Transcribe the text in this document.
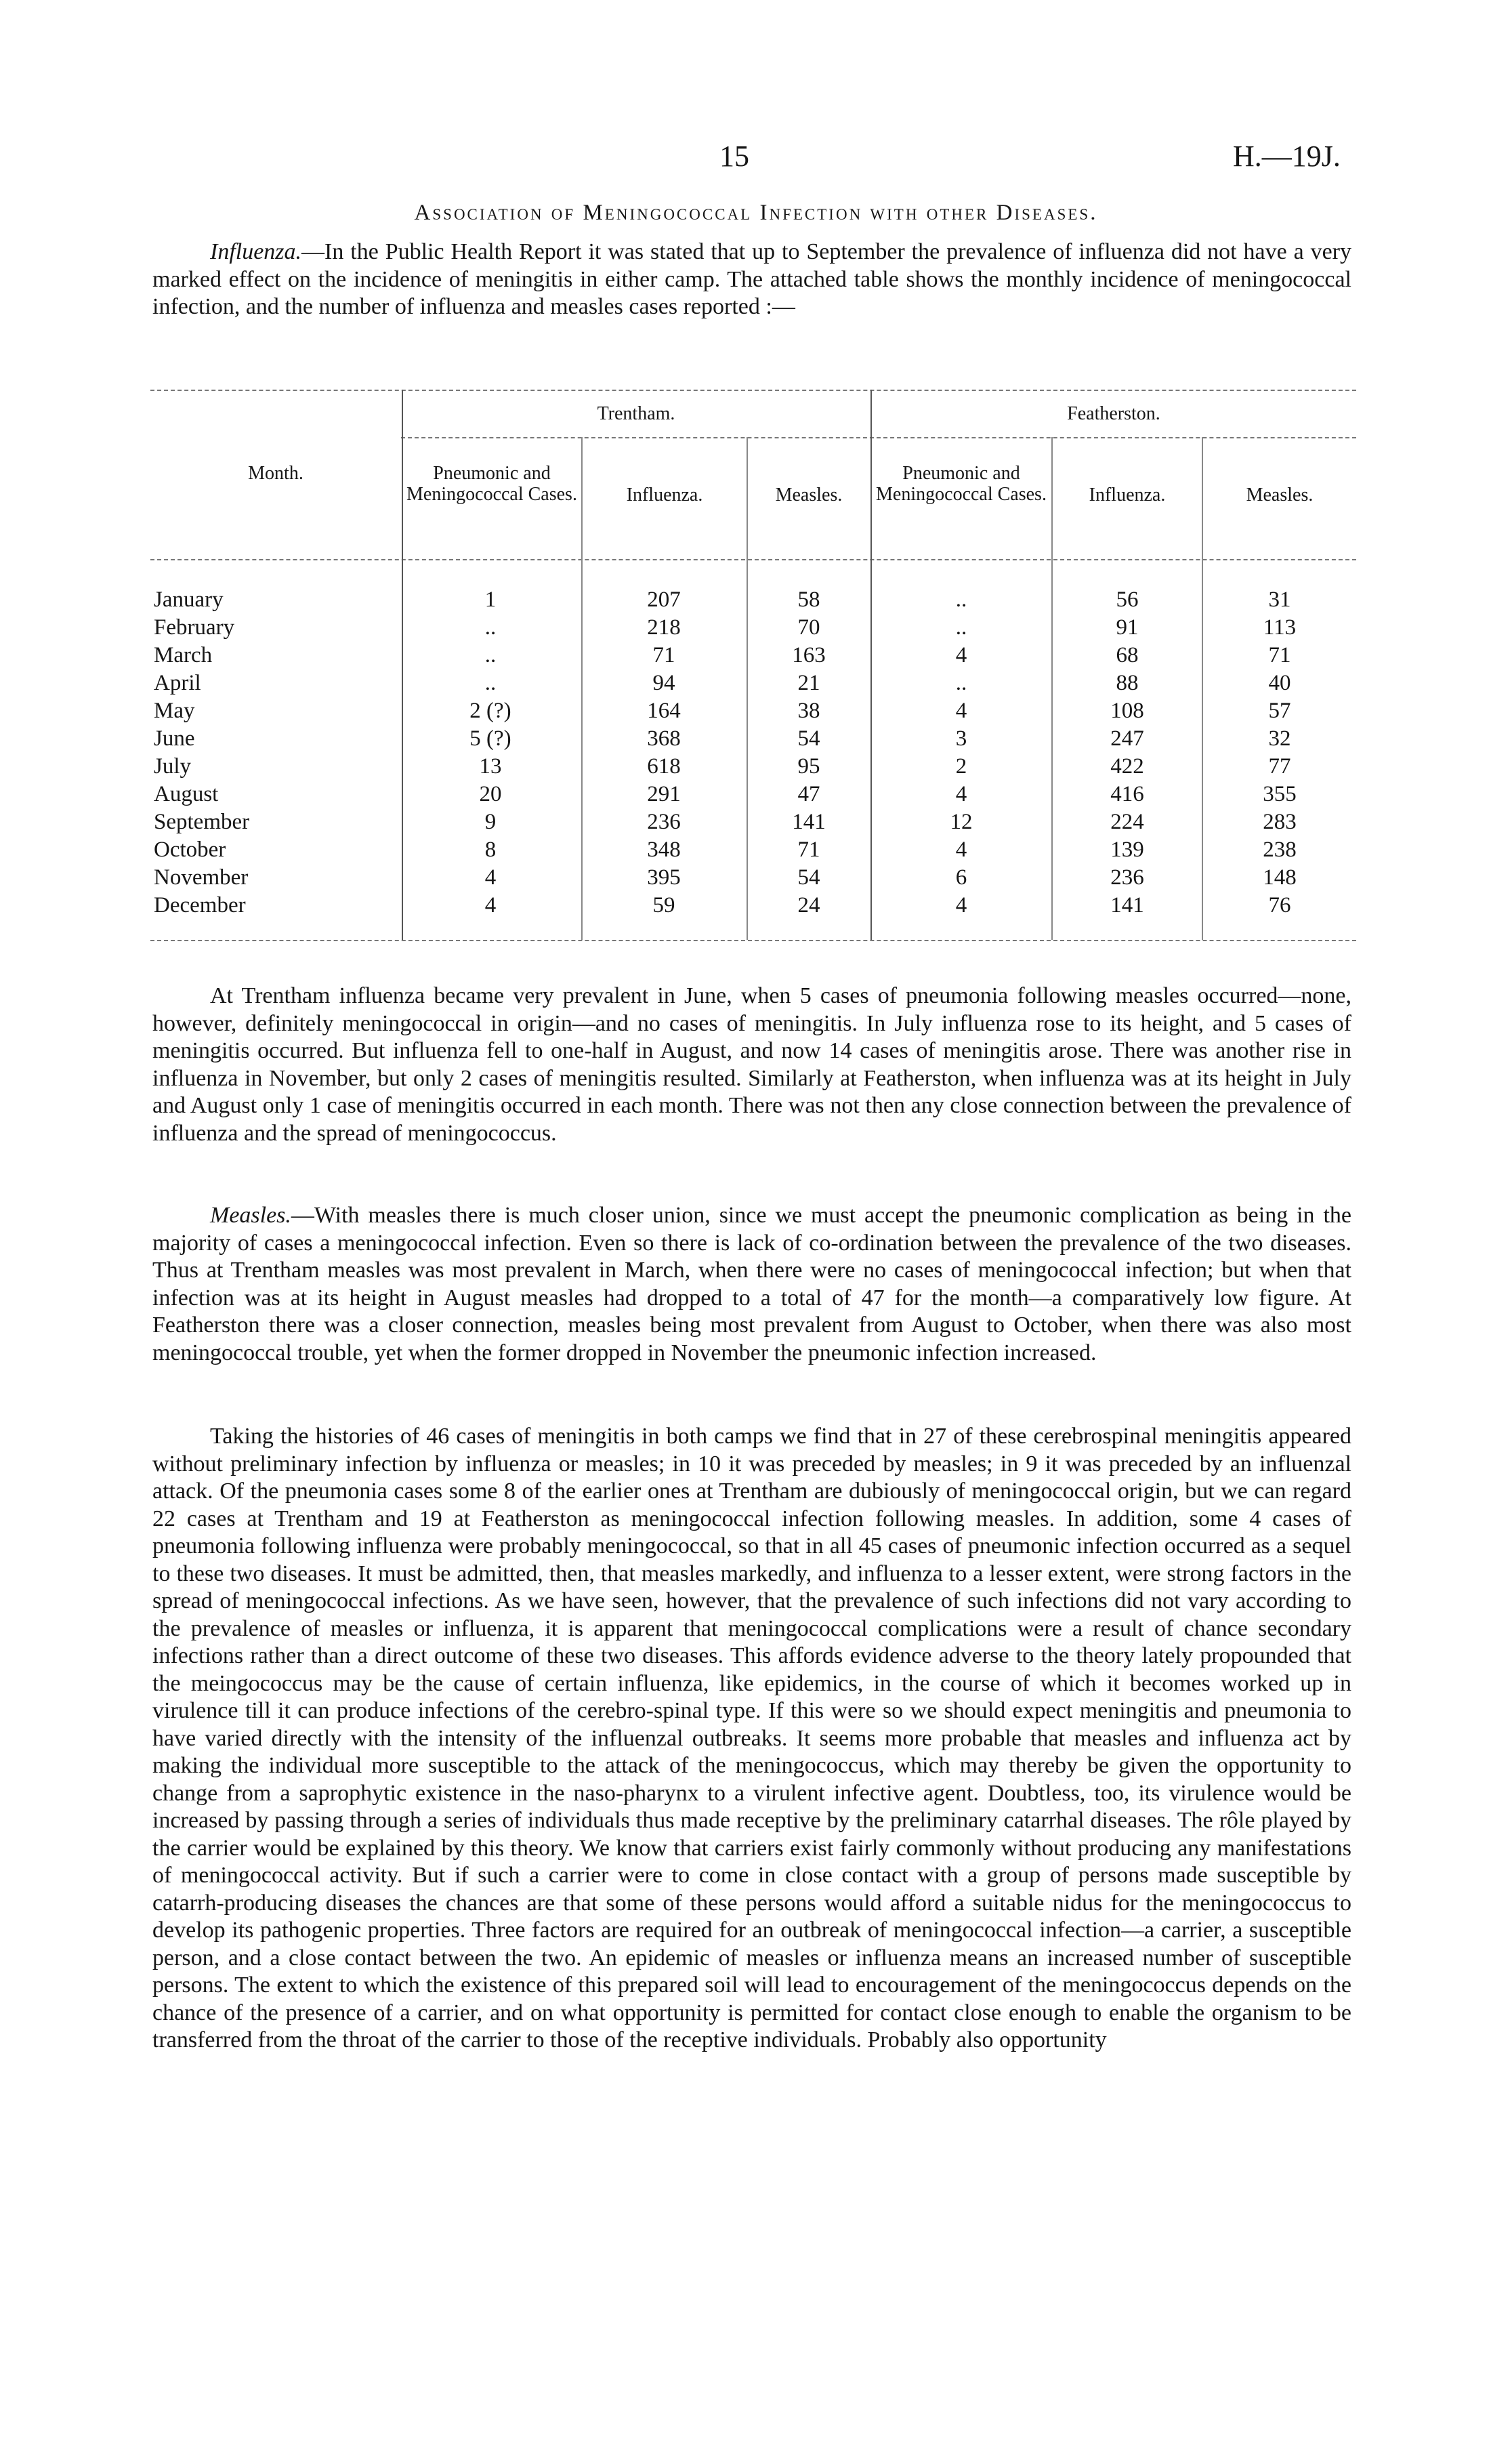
15	H.—19J.
Association of Meningococcal Infection with other Diseases.

Influenza.—In the Public Health Report it was stated that up to September the prevalence of influenza did not have a very marked effect on the incidence of meningitis in either camp. The attached table shows the monthly incidence of meningococcal infection, and the number of influenza and measles cases reported :—

Month.
Trentham.	Featherston.
Pneumonic and Meningococcal Cases.	Influenza.	Measles.
Pneumonic and Meningococcal Cases.	Influenza.	Measles.
January	1	207	58	..	56	31
February	..	218	70	..	91	113
March	..	71	163	4	68	71
April	..	94	21	..	88	40
May	2 (?)	164	38	4	108	57
June	5 (?)	368	54	3	247	32
July	13	618	95	2	422	77
August	20	291	47	4	416	355
September	9	236	141	12	224	283
October	8	348	71	4	139	238
November	4	395	54	6	236	148
December	4	59	24	4	141	76

At Trentham influenza became very prevalent in June, when 5 cases of pneumonia following measles occurred—none, however, definitely meningococcal in origin—and no cases of meningitis. In July influenza rose to its height, and 5 cases of meningitis occurred. But influenza fell to one-half in August, and now 14 cases of meningitis arose. There was another rise in influenza in November, but only 2 cases of meningitis resulted. Similarly at Featherston, when influenza was at its height in July and August only 1 case of meningitis occurred in each month. There was not then any close connection between the prevalence of influenza and the spread of meningococcus.

Measles.—With measles there is much closer union, since we must accept the pneumonic complication as being in the majority of cases a meningococcal infection. Even so there is lack of co-ordination between the prevalence of the two diseases. Thus at Trentham measles was most prevalent in March, when there were no cases of meningococcal infection; but when that infection was at its height in August measles had dropped to a total of 47 for the month—a comparatively low figure. At Featherston there was a closer connection, measles being most prevalent from August to October, when there was also most meningococcal trouble, yet when the former dropped in November the pneumonic infection increased.

Taking the histories of 46 cases of meningitis in both camps we find that in 27 of these cerebrospinal meningitis appeared without preliminary infection by influenza or measles; in 10 it was preceded by measles; in 9 it was preceded by an influenzal attack. Of the pneumonia cases some 8 of the earlier ones at Trentham are dubiously of meningococcal origin, but we can regard 22 cases at Trentham and 19 at Featherston as meningococcal infection following measles. In addition, some 4 cases of pneumonia following influenza were probably meningococcal, so that in all 45 cases of pneumonic infection occurred as a sequel to these two diseases. It must be admitted, then, that measles markedly, and influenza to a lesser extent, were strong factors in the spread of meningococcal infections. As we have seen, however, that the prevalence of such infections did not vary according to the prevalence of measles or influenza, it is apparent that meningococcal complications were a result of chance secondary infections rather than a direct outcome of these two diseases. This affords evidence adverse to the theory lately propounded that the meingococcus may be the cause of certain influenza, like epidemics, in the course of which it becomes worked up in virulence till it can produce infections of the cerebro-spinal type. If this were so we should expect meningitis and pneumonia to have varied directly with the intensity of the influenzal outbreaks. It seems more probable that measles and influenza act by making the individual more susceptible to the attack of the meningococcus, which may thereby be given the opportunity to change from a saprophytic existence in the naso-pharynx to a virulent infective agent. Doubtless, too, its virulence would be increased by passing through a series of individuals thus made receptive by the preliminary catarrhal diseases. The rôle played by the carrier would be explained by this theory. We know that carriers exist fairly commonly without producing any manifestations of meningococcal activity. But if such a carrier were to come in close contact with a group of persons made susceptible by catarrh-producing diseases the chances are that some of these persons would afford a suitable nidus for the meningococcus to develop its pathogenic properties. Three factors are required for an outbreak of meningococcal infection—a carrier, a susceptible person, and a close contact between the two. An epidemic of measles or influenza means an increased number of susceptible persons. The extent to which the existence of this prepared soil will lead to encouragement of the meningococcus depends on the chance of the presence of a carrier, and on what opportunity is permitted for contact close enough to enable the organism to be transferred from the throat of the carrier to those of the receptive individuals. Probably also opportunity
